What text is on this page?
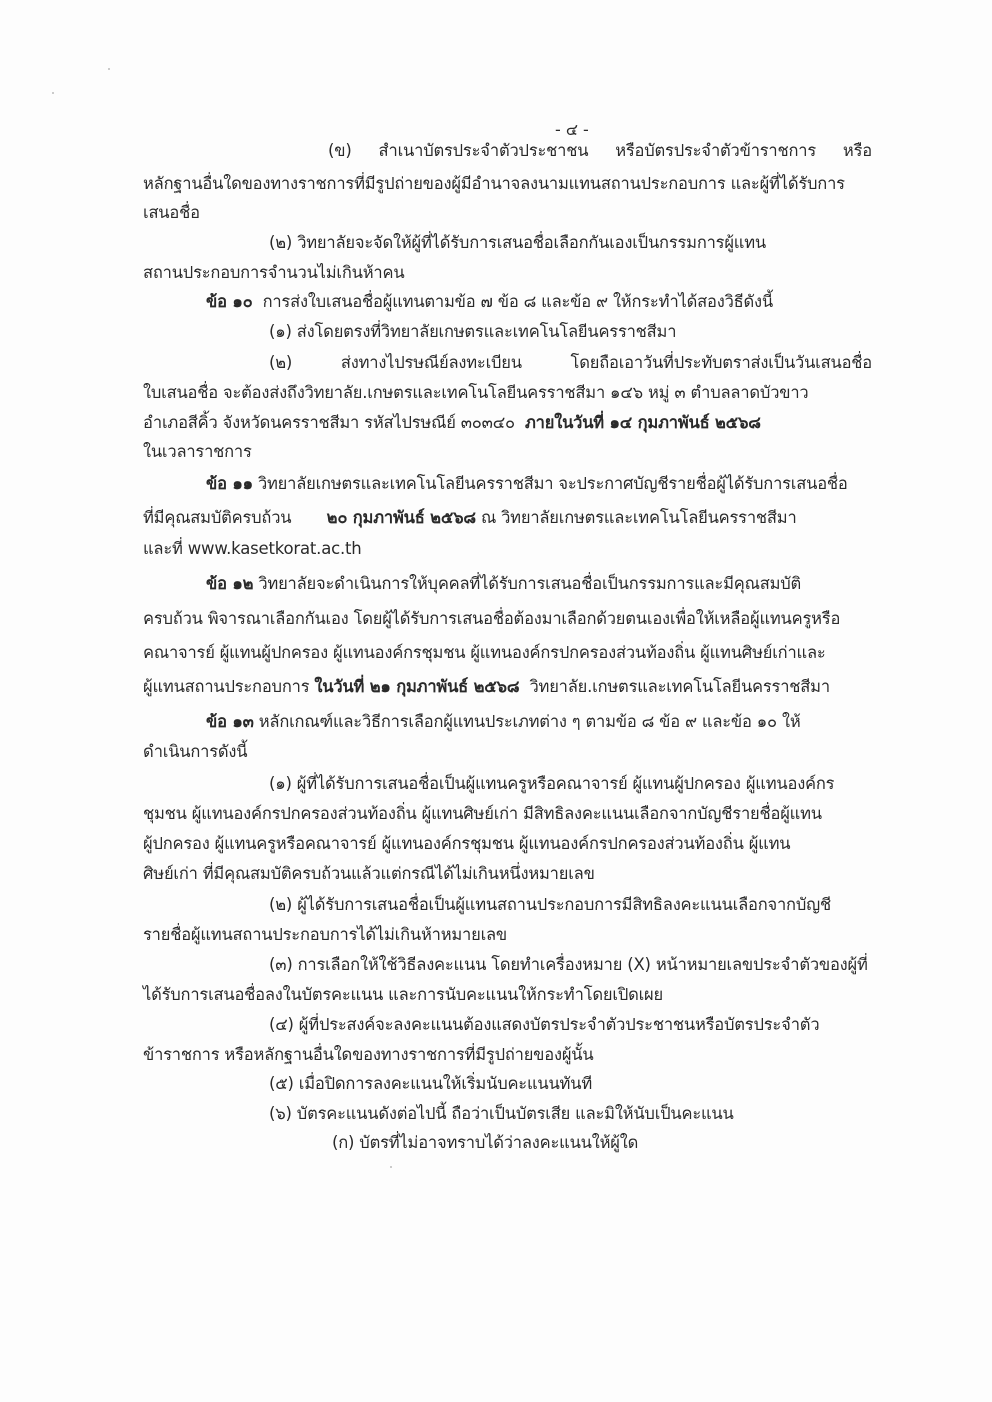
- ๔ -
(ข) สำเนาบัตรประจำตัวประชาชน หรือบัตรประจำตัวข้าราชการ หรือ
หลักฐานอื่นใดของทางราชการที่มีรูปถ่ายของผู้มีอำนาจลงนามแทนสถานประกอบการ และผู้ที่ได้รับการ
เสนอชื่อ
(๒) วิทยาลัยจะจัดให้ผู้ที่ได้รับการเสนอชื่อเลือกกันเองเป็นกรรมการผู้แทน
สถานประกอบการจำนวนไม่เกินห้าคน
ข้อ ๑๐ การส่งใบเสนอชื่อผู้แทนตามข้อ ๗ ข้อ ๘ และข้อ ๙ ให้กระทำได้สองวิธีดังนี้
(๑) ส่งโดยตรงที่วิทยาลัยเกษตรและเทคโนโลยีนครราชสีมา
(๒)	ส่งทางไปรษณีย์ลงทะเบียน	โดยถือเอาวันที่ประทับตราส่งเป็นวันเสนอชื่อ
ใบเสนอชื่อ จะต้องส่งถึงวิทยาลัย.เกษตรและเทคโนโลยีนครราชสีมา ๑๔๖ หมู่ ๓ ตำบลลาดบัวขาว
อำเภอสีคิ้ว จังหวัดนครราชสีมา รหัสไปรษณีย์ ๓๐๓๔๐ ภายในวันที่ ๑๔ กุมภาพันธ์ ๒๕๖๘
ในเวลาราชการ
ข้อ ๑๑ วิทยาลัยเกษตรและเทคโนโลยีนครราชสีมา จะประกาศบัญชีรายชื่อผู้ได้รับการเสนอชื่อ
ที่มีคุณสมบัติครบถ้วน ๒๐ กุมภาพันธ์ ๒๕๖๘ ณ วิทยาลัยเกษตรและเทคโนโลยีนครราชสีมา
และที่ www.kasetkorat.ac.th
ข้อ ๑๒ วิทยาลัยจะดำเนินการให้บุคคลที่ได้รับการเสนอชื่อเป็นกรรมการและมีคุณสมบัติ
ครบถ้วน พิจารณาเลือกกันเอง โดยผู้ได้รับการเสนอชื่อต้องมาเลือกด้วยตนเองเพื่อให้เหลือผู้แทนครูหรือ
คณาจารย์ ผู้แทนผู้ปกครอง ผู้แทนองค์กรชุมชน ผู้แทนองค์กรปกครองส่วนท้องถิ่น ผู้แทนศิษย์เก่าและ
ผู้แทนสถานประกอบการ ในวันที่ ๒๑ กุมภาพันธ์ ๒๕๖๘ วิทยาลัย.เกษตรและเทคโนโลยีนครราชสีมา
ข้อ ๑๓ หลักเกณฑ์และวิธีการเลือกผู้แทนประเภทต่าง ๆ ตามข้อ ๘ ข้อ ๙ และข้อ ๑๐ ให้
ดำเนินการดังนี้
(๑) ผู้ที่ได้รับการเสนอชื่อเป็นผู้แทนครูหรือคณาจารย์ ผู้แทนผู้ปกครอง ผู้แทนองค์กร
ชุมชน ผู้แทนองค์กรปกครองส่วนท้องถิ่น ผู้แทนศิษย์เก่า มีสิทธิลงคะแนนเลือกจากบัญชีรายชื่อผู้แทน
ผู้ปกครอง ผู้แทนครูหรือคณาจารย์ ผู้แทนองค์กรชุมชน ผู้แทนองค์กรปกครองส่วนท้องถิ่น ผู้แทน
ศิษย์เก่า ที่มีคุณสมบัติครบถ้วนแล้วแต่กรณีได้ไม่เกินหนึ่งหมายเลข
(๒) ผู้ได้รับการเสนอชื่อเป็นผู้แทนสถานประกอบการมีสิทธิลงคะแนนเลือกจากบัญชี
รายชื่อผู้แทนสถานประกอบการได้ไม่เกินห้าหมายเลข
(๓) การเลือกให้ใช้วิธีลงคะแนน โดยทำเครื่องหมาย (X) หน้าหมายเลขประจำตัวของผู้ที่
ได้รับการเสนอชื่อลงในบัตรคะแนน และการนับคะแนนให้กระทำโดยเปิดเผย
(๔) ผู้ที่ประสงค์จะลงคะแนนต้องแสดงบัตรประจำตัวประชาชนหรือบัตรประจำตัว
ข้าราชการ หรือหลักฐานอื่นใดของทางราชการที่มีรูปถ่ายของผู้นั้น
(๕) เมื่อปิดการลงคะแนนให้เริ่มนับคะแนนทันที
(๖) บัตรคะแนนดังต่อไปนี้ ถือว่าเป็นบัตรเสีย และมิให้นับเป็นคะแนน
(ก) บัตรที่ไม่อาจทราบได้ว่าลงคะแนนให้ผู้ใด
